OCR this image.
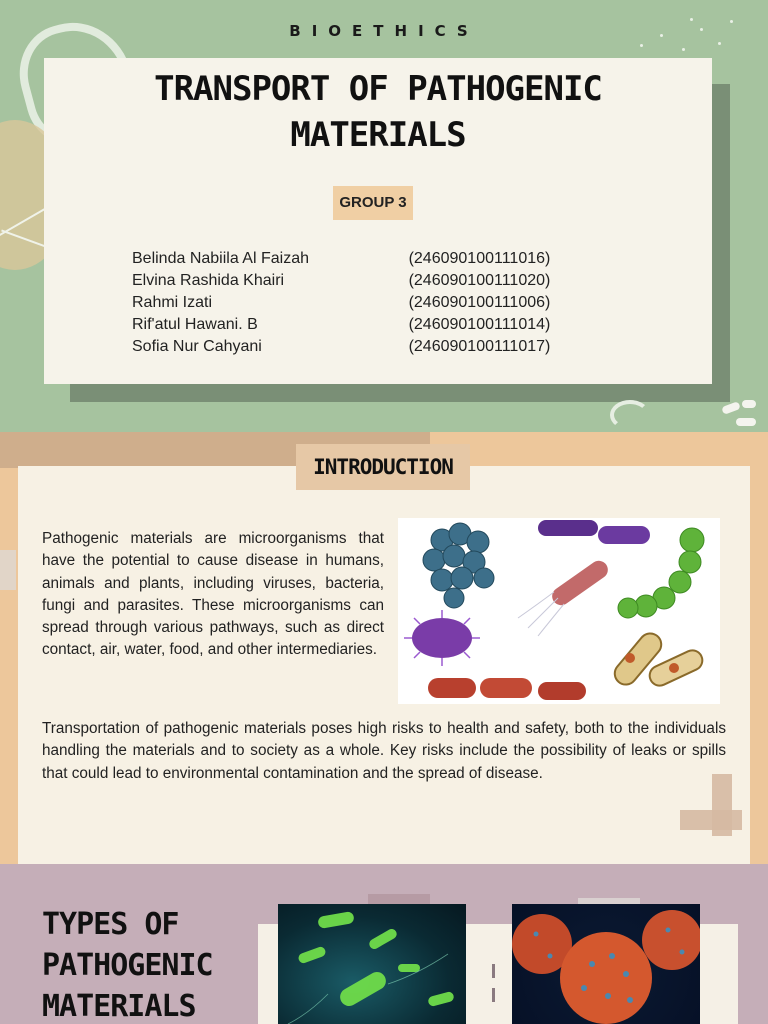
BIOETHICS
TRANSPORT OF PATHOGENIC
MATERIALS
GROUP 3
Belinda Nabiila Al Faizah	(246090100111016)
Elvina Rashida Khairi	(246090100111020)
Rahmi Izati	(246090100111006)
Rif'atul Hawani. B	(246090100111014)
Sofia Nur Cahyani	(246090100111017)
INTRODUCTION

Pathogenic materials are microorganisms that have the potential to cause disease in humans, animals and plants, including viruses, bacteria, fungi and parasites. These microorganisms can spread through various pathways, such as direct contact, air, water, food, and other intermediaries.

Transportation of pathogenic materials poses high risks to health and safety, both to the individuals handling the materials and to society as a whole. Key risks include the possibility of leaks or spills that could lead to environmental contamination and the spread of disease.

TYPES OF
PATHOGENIC
MATERIALS
